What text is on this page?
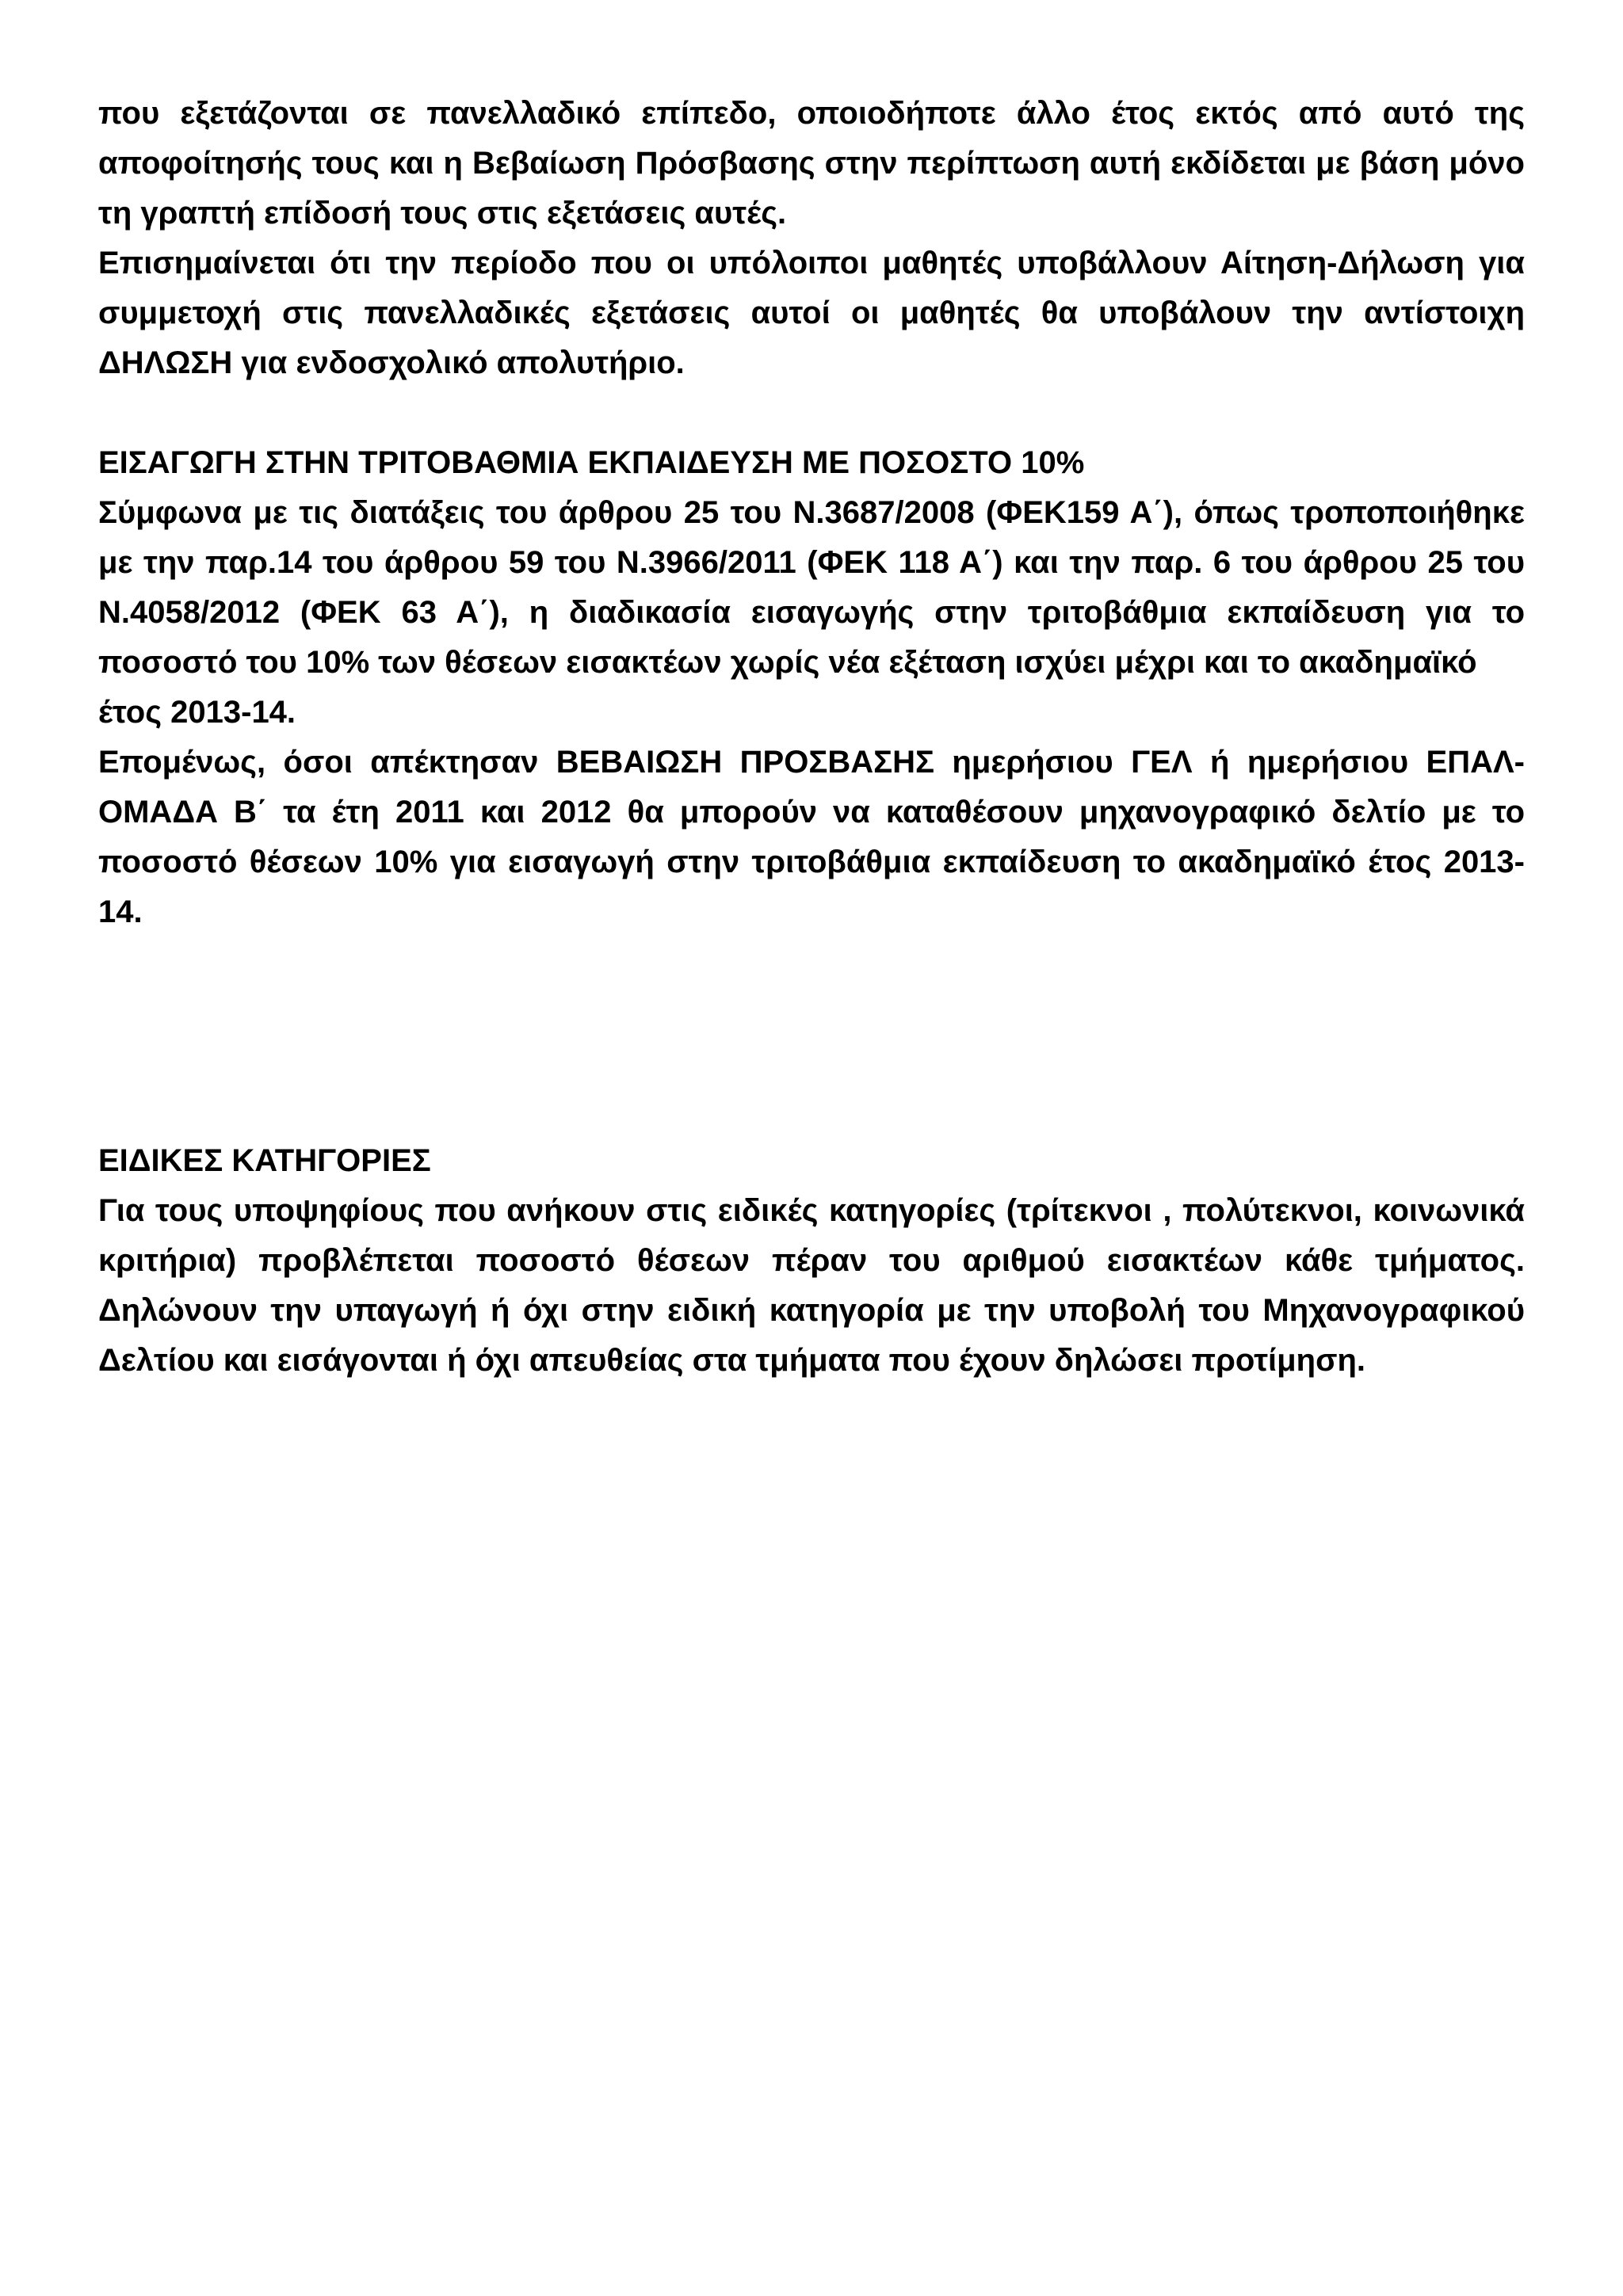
που εξετάζονται σε πανελλαδικό επίπεδο, οποιοδήποτε άλλο έτος εκτός από αυτό της αποφοίτησής τους και η Βεβαίωση Πρόσβασης στην περίπτωση αυτή εκδίδεται με βάση μόνο τη γραπτή επίδοσή τους στις εξετάσεις αυτές.

Επισημαίνεται ότι την περίοδο που οι υπόλοιποι μαθητές υποβάλλουν Αίτηση-Δήλωση για συμμετοχή στις πανελλαδικές εξετάσεις αυτοί οι μαθητές θα υποβάλουν την αντίστοιχη ΔΗΛΩΣΗ για ενδοσχολικό απολυτήριο.

ΕΙΣΑΓΩΓΗ ΣΤΗΝ ΤΡΙΤΟΒΑΘΜΙΑ ΕΚΠΑΙΔΕΥΣΗ ΜΕ ΠΟΣΟΣΤΟ 10%

Σύμφωνα με τις διατάξεις του άρθρου 25 του Ν.3687/2008 (ΦΕΚ159 Α΄), όπως τροποποιήθηκε με την παρ.14 του άρθρου 59 του Ν.3966/2011 (ΦΕΚ 118 Α΄) και την παρ. 6 του άρθρου 25 του Ν.4058/2012 (ΦΕΚ 63 Α΄), η διαδικασία εισαγωγής στην τριτοβάθμια εκπαίδευση για το ποσοστό του 10% των θέσεων εισακτέων χωρίς νέα εξέταση ισχύει μέχρι και το ακαδημαϊκό

έτος 2013-14.

Επομένως, όσοι απέκτησαν ΒΕΒΑΙΩΣΗ ΠΡΟΣΒΑΣΗΣ ημερήσιου ΓΕΛ ή ημερήσιου ΕΠΑΛ-ΟΜΑΔΑ Β΄ τα έτη 2011 και 2012 θα μπορούν να καταθέσουν μηχανογραφικό δελτίο με το ποσοστό θέσεων 10% για εισαγωγή στην τριτοβάθμια εκπαίδευση το ακαδημαϊκό έτος 2013-14.

ΕΙΔΙΚΕΣ ΚΑΤΗΓΟΡΙΕΣ

Για τους υποψηφίους που ανήκουν στις ειδικές κατηγορίες (τρίτεκνοι , πολύτεκνοι, κοινωνικά κριτήρια) προβλέπεται ποσοστό θέσεων πέραν του αριθμού εισακτέων κάθε τμήματος. Δηλώνουν την υπαγωγή ή όχι στην ειδική κατηγορία με την υποβολή του Μηχανογραφικού Δελτίου και εισάγονται ή όχι απευθείας στα τμήματα που έχουν δηλώσει προτίμηση.
